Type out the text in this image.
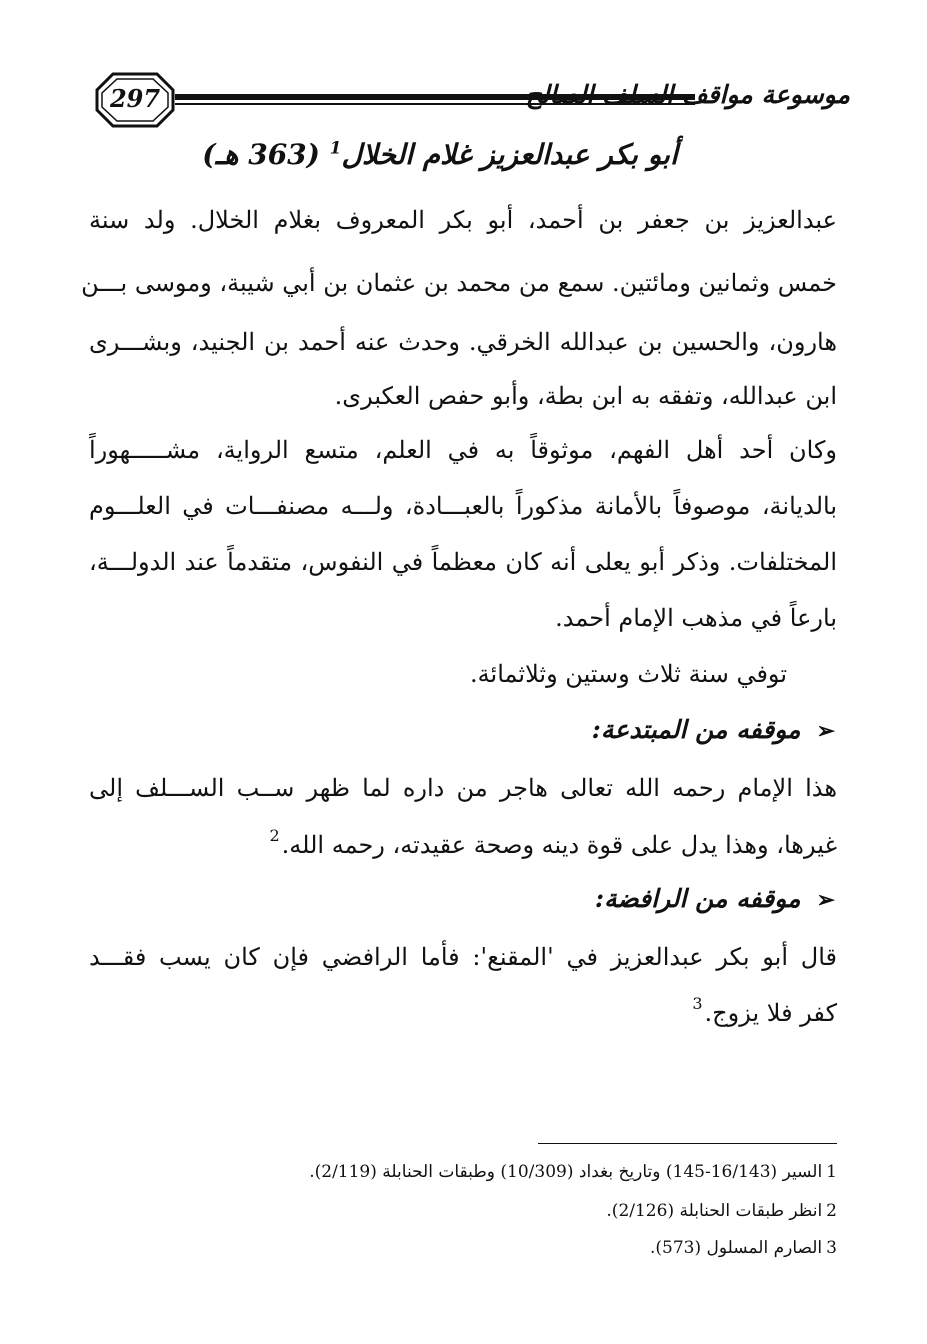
297	موسوعة مواقف السلف الصالح
أبو بكر عبدالعزيز غلام الخلال$^1$ (363 هـ)
عبدالعزيز بن جعفر بن أحمد، أبو بكر المعروف بغلام الخلال. ولد سنة
خمس وثمانين ومائتين. سمع من محمد بن عثمان بن أبي شيبة، وموسى بـــن
هارون، والحسين بن عبدالله الخرقي. وحدث عنه أحمد بن الجنيد، وبشـــرى
ابن عبدالله، وتفقه به ابن بطة، وأبو حفص العكبرى.
وكان أحد أهل الفهم، موثوقاً به في العلم، متسع الرواية، مشـــــهوراً
بالديانة، موصوفاً بالأمانة مذكوراً بالعبـــادة، ولـــه مصنفـــات في العلـــوم
المختلفات. وذكر أبو يعلى أنه كان معظماً في النفوس، متقدماً عند الدولـــة،
بارعاً في مذهب الإمام أحمد.
توفي سنة ثلاث وستين وثلاثمائة.
➢موقفه من المبتدعة:
هذا الإمام رحمه الله تعالى هاجر من داره لما ظهر ســب الســـلف إلى
غيرها، وهذا يدل على قوة دينه وصحة عقيدته، رحمه الله.$^2$
➢موقفه من الرافضة:
قال أبو بكر عبدالعزيز في 'المقنع': فأما الرافضي فإن كان يسب فقـــد
كفر فلا يزوج.$^3$
1السير (16/143-145) وتاريخ بغداد (10/309) وطبقات الحنابلة (2/119).
2انظر طبقات الحنابلة (2/126).
3الصارم المسلول (573).
